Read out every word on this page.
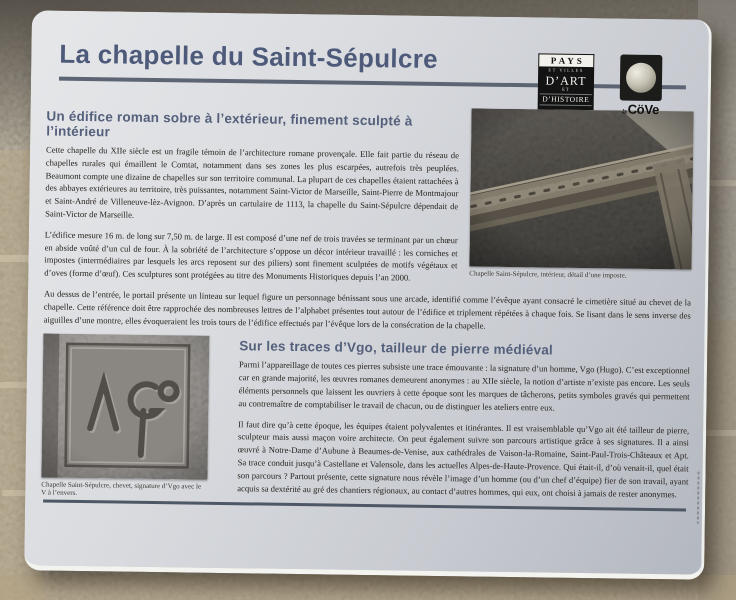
La chapelle du Saint-Sépulcre	PAYS
ET VILLES
D’ART
ET
D’HISTOIRE
laCöVe
Chapelle Saint-Sépulcre, intérieur, détail d’une imposte.
Un édifice roman sobre à l’extérieur, finement sculpté à l’intérieur

Cette chapelle du XIIe siècle est un fragile témoin de l’architecture romane provençale. Elle fait partie du réseau de chapelles rurales qui émaillent le Comtat, notamment dans ses zones les plus escarpées, autrefois très peuplées. Beaumont compte une dizaine de chapelles sur son territoire communal. La plupart de ces chapelles étaient rattachées à des abbayes extérieures au territoire, très puissantes, notamment Saint-Victor de Marseille, Saint-Pierre de Montmajour et Saint-André de Villeneuve-lèz-Avignon. D’après un cartulaire de 1113, la chapelle du Saint-Sépulcre dépendait de Saint-Victor de Marseille.

L’édifice mesure 16 m. de long sur 7,50 m. de large. Il est composé d’une nef de trois travées se terminant par un chœur en abside voûté d’un cul de four. À la sobriété de l’architecture s’oppose un décor intérieur travaillé : les corniches et impostes (intermédiaires par lesquels les arcs reposent sur des piliers) sont finement sculptées de motifs végétaux et d’oves (forme d’œuf). Ces sculptures sont protégées au titre des Monuments Historiques depuis l’an 2000.

Au dessus de l’entrée, le portail présente un linteau sur lequel figure un personnage bénissant sous une arcade, identifié comme l’évêque ayant consacré le cimetière situé au chevet de la chapelle. Cette référence doit être rapprochée des nombreuses lettres de l’alphabet présentes tout autour de l’édifice et triplement répétées à chaque fois. Se lisant dans le sens inverse des aiguilles d’une montre, elles évoqueraient les trois tours de l’édifice effectués par l’évêque lors de la consécration de la chapelle.

Chapelle Saint-Sépulcre, chevet, signature d’Vgo avec le V à l’envers.
Sur les traces d’Vgo, tailleur de pierre médiéval

Parmi l’appareillage de toutes ces pierres subsiste une trace émouvante : la signature d’un homme, Vgo (Hugo). C’est exceptionnel car en grande majorité, les œuvres romanes demeurent anonymes : au XIIe siècle, la notion d’artiste n’existe pas encore. Les seuls éléments personnels que laissent les ouvriers à cette époque sont les marques de tâcherons, petits symboles gravés qui permettent au contremaître de comptabiliser le travail de chacun, ou de distinguer les ateliers entre eux.

Il faut dire qu’à cette époque, les équipes étaient polyvalentes et itinérantes. Il est vraisemblable qu’Vgo ait été tailleur de pierre, sculpteur mais aussi maçon voire architecte. On peut également suivre son parcours artistique grâce à ses signatures. Il a ainsi œuvré à Notre-Dame d’Aubune à Beaumes-de-Venise, aux cathédrales de Vaison-la-Romaine, Saint-Paul-Trois-Châteaux et Apt. Sa trace conduit jusqu’à Castellane et Valensole, dans les actuelles Alpes-de-Haute-Provence. Qui était-il, d’où venait-il, quel était son parcours ? Partout présente, cette signature nous révèle l’image d’un homme (ou d’un chef d’équipe) fier de son travail, ayant acquis sa dextérité au gré des chantiers régionaux, au contact d’autres hommes, qui eux, ont choisi à jamais de rester anonymes.
